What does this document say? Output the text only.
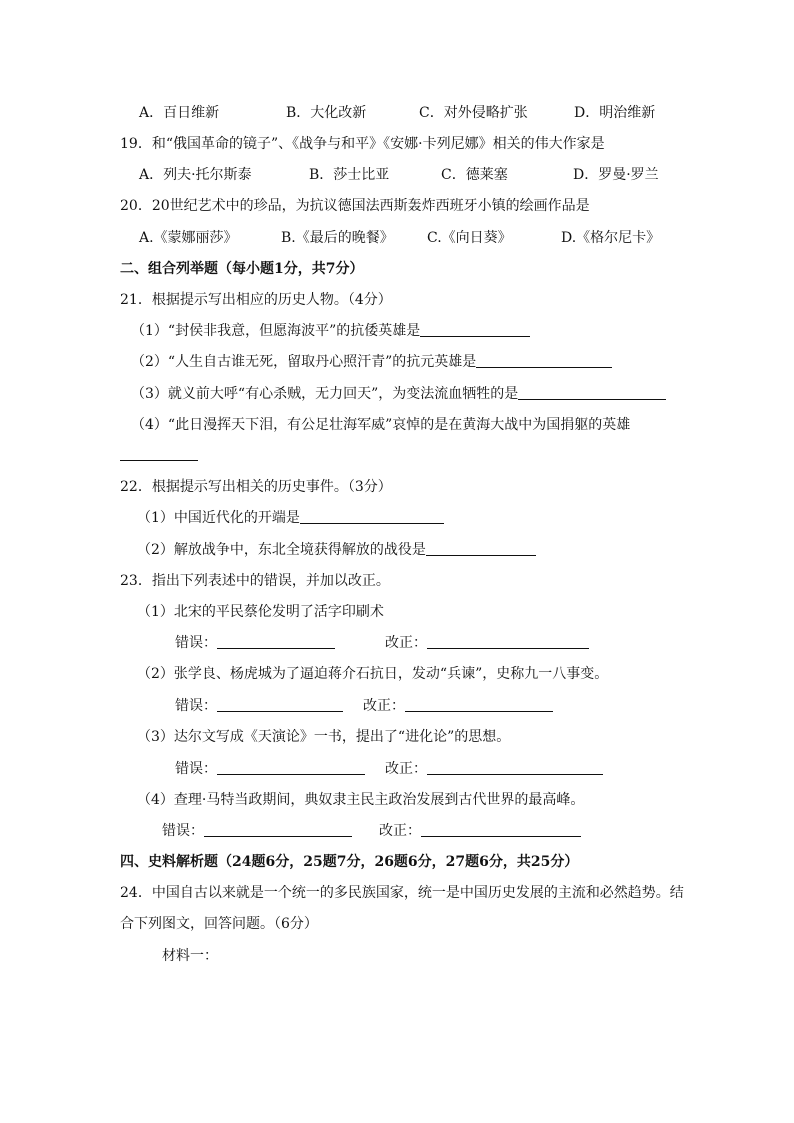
A．百日维新	B．大化改新	C．对外侵略扩张	D．明治维新
19．和“俄国革命的镜子”、《战争与和平》《安娜·卡列尼娜》相关的伟大作家是
A．列夫·托尔斯泰	B．莎士比亚	C．德莱塞	D．罗曼·罗兰
20．20世纪艺术中的珍品，为抗议德国法西斯轰炸西班牙小镇的绘画作品是
A.《蒙娜丽莎》	B.《最后的晚餐》 C.《向日葵》	D.《格尔尼卡》
二、组合列举题（每小题1分，共7分）
21．根据提示写出相应的历史人物。（4分）
（1）“封侯非我意，但愿海波平”的抗倭英雄是
（2）“人生自古谁无死，留取丹心照汗青”的抗元英雄是
（3）就义前大呼“有心杀贼，无力回天”，为变法流血牺牲的是
（4）“此日漫挥天下泪，有公足壮海军威”哀悼的是在黄海大战中为国捐躯的英雄
22．根据提示写出相关的历史事件。（3分）
（1）中国近代化的开端是
（2）解放战争中，东北全境获得解放的战役是
23．指出下列表述中的错误，并加以改正。
（1）北宋的平民蔡伦发明了活字印刷术
错误：	改正：
（2）张学良、杨虎城为了逼迫蒋介石抗日，发动“兵谏”，史称九一八事变。
错误：	改正：
（3）达尔文写成《天演论》一书，提出了“进化论”的思想。
错误：	改正：
（4）查理·马特当政期间，典奴隶主民主政治发展到古代世界的最高峰。
错误：	改正：
四、史料解析题（24题6分，25题7分，26题6分，27题6分，共25分）
24．中国自古以来就是一个统一的多民族国家，统一是中国历史发展的主流和必然趋势。结
合下列图文，回答问题。（6分）
材料一：
